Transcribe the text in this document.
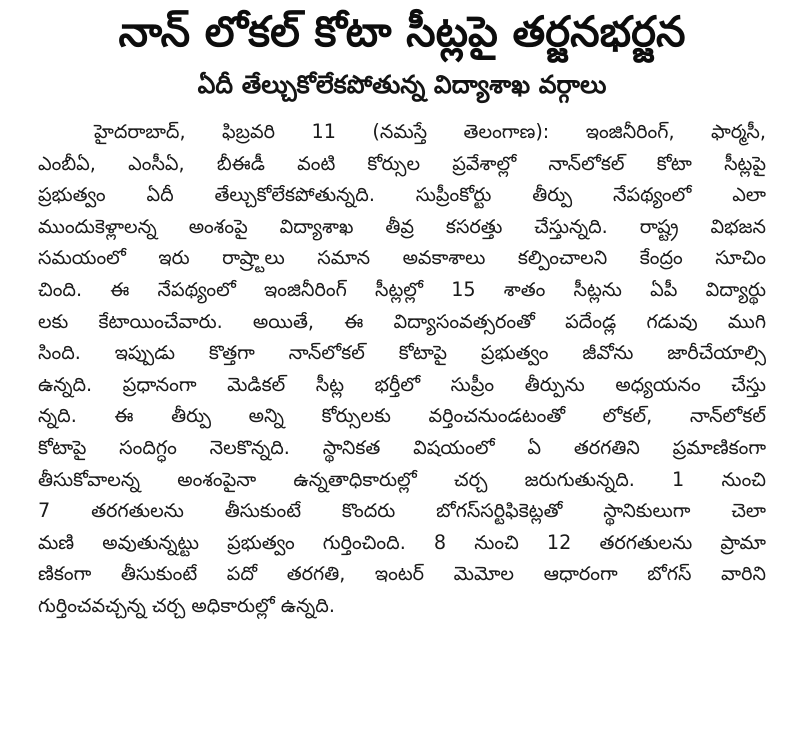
నాన్ లోకల్ కోటా సీట్లపై తర్జనభర్జన
ఏదీ తేల్చుకోలేకపోతున్న విద్యాశాఖ వర్గాలు
హైదరాబాద్, ఫిబ్రవరి 11 (నమస్తే తెలంగాణ): ఇంజినీరింగ్, ఫార్మసీ,
ఎంబీఏ, ఎంసీఏ, బీఈడీ వంటి కోర్సుల ప్రవేశాల్లో నాన్‌లోకల్ కోటా సీట్లపై
ప్రభుత్వం ఏదీ తేల్చుకోలేకపోతున్నది. సుప్రీంకోర్టు తీర్పు నేపథ్యంలో ఎలా
ముందుకెళ్లాలన్న అంశంపై విద్యాశాఖ తీవ్ర కసరత్తు చేస్తున్నది. రాష్ట్ర విభజన
సమయంలో ఇరు రాష్ర్టాలు సమాన అవకాశాలు కల్పించాలని కేంద్రం సూచిం
చింది. ఈ నేపథ్యంలో ఇంజినీరింగ్ సీట్లల్లో 15 శాతం సీట్లను ఏపీ విద్యార్థు
లకు కేటాయించేవారు. అయితే, ఈ విద్యాసంవత్సరంతో పదేండ్ల గడువు ముగి
సింది. ఇప్పుడు కొత్తగా నాన్‌లోకల్ కోటాపై ప్రభుత్వం జీవోను జారీచేయాల్సి
ఉన్నది. ప్రధానంగా మెడికల్ సీట్ల భర్తీలో సుప్రీం తీర్పును అధ్యయనం చేస్తు
న్నది. ఈ తీర్పు అన్ని కోర్సులకు వర్తించనుండటంతో లోకల్, నాన్‌లోకల్
కోటాపై సందిగ్ధం నెలకొన్నది. స్థానికత విషయంలో ఏ తరగతిని ప్రమాణికంగా
తీసుకోవాలన్న అంశంపైనా ఉన్నతాధికారుల్లో చర్చ జరుగుతున్నది. 1 నుంచి
7 తరగతులను తీసుకుంటే కొందరు బోగస్‌సర్టిఫికెట్లతో స్థానికులుగా చెలా
మణి అవుతున్నట్టు ప్రభుత్వం గుర్తించింది. 8 నుంచి 12 తరగతులను ప్రామా
ణికంగా తీసుకుంటే పదో తరగతి, ఇంటర్ మెమోల ఆధారంగా బోగస్ వారిని
గుర్తించవచ్చన్న చర్చ అధికారుల్లో ఉన్నది.
